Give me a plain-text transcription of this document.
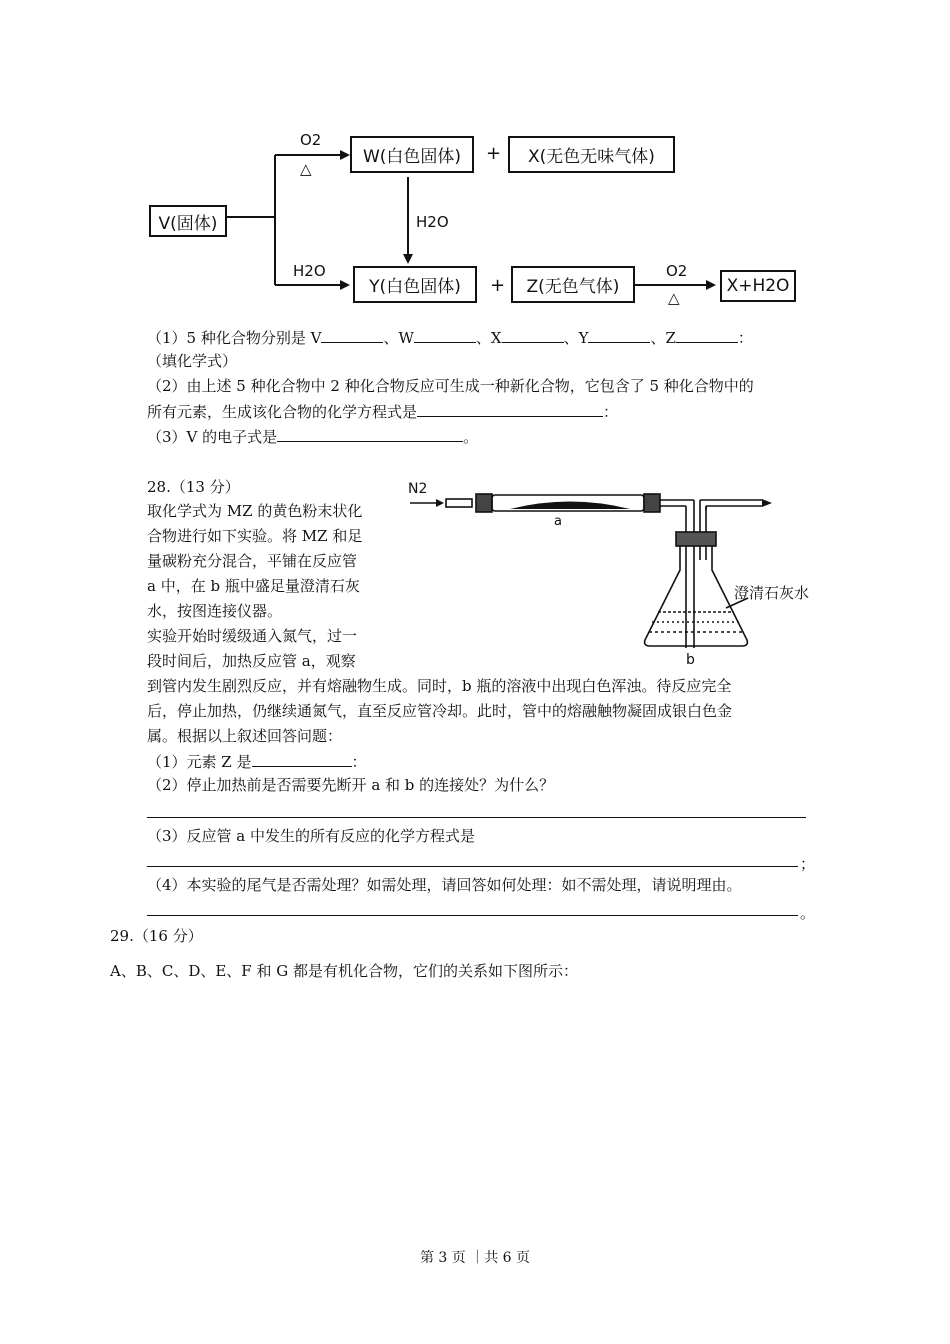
V(固体)
W(白色固体)	+	X(无色无味气体)
O2
△
H2O
H2O
Y(白色固体)	+	Z(无色气体)
O2
△
X+H2O
（1）5 种化合物分别是 V	、W	、X	、Y	、Z	：
（填化学式）
（2）由上述 5 种化合物中 2 种化合物反应可生成一种新化合物，它包含了 5 种化合物中的
所有元素，生成该化合物的化学方程式是	：
（3）V 的电子式是	。
28.（13 分）
取化学式为 MZ 的黄色粉末状化
合物进行如下实验。将 MZ 和足
量碳粉充分混合，平铺在反应管
a 中，在 b 瓶中盛足量澄清石灰
水，按图连接仪器。
实验开始时缓级通入氮气，过一
段时间后，加热反应管 a，观察
到管内发生剧烈反应，并有熔融物生成。同时，b 瓶的溶液中出现白色浑浊。待反应完全
后，停止加热，仍继续通氮气，直至反应管冷却。此时，管中的熔融触物凝固成银白色金
属。根据以上叙述回答问题：
N2
a
b
澄清石灰水
（1）元素 Z 是	：
（2）停止加热前是否需要先断开 a 和 b 的连接处？为什么？
（3）反应管 a 中发生的所有反应的化学方程式是
；
（4）本实验的尾气是否需处理？如需处理，请回答如何处理：如不需处理，请说明理由。
。
29.（16 分）
A、B、C、D、E、F 和 G 都是有机化合物，它们的关系如下图所示：
第 3 页 ｜共 6 页
